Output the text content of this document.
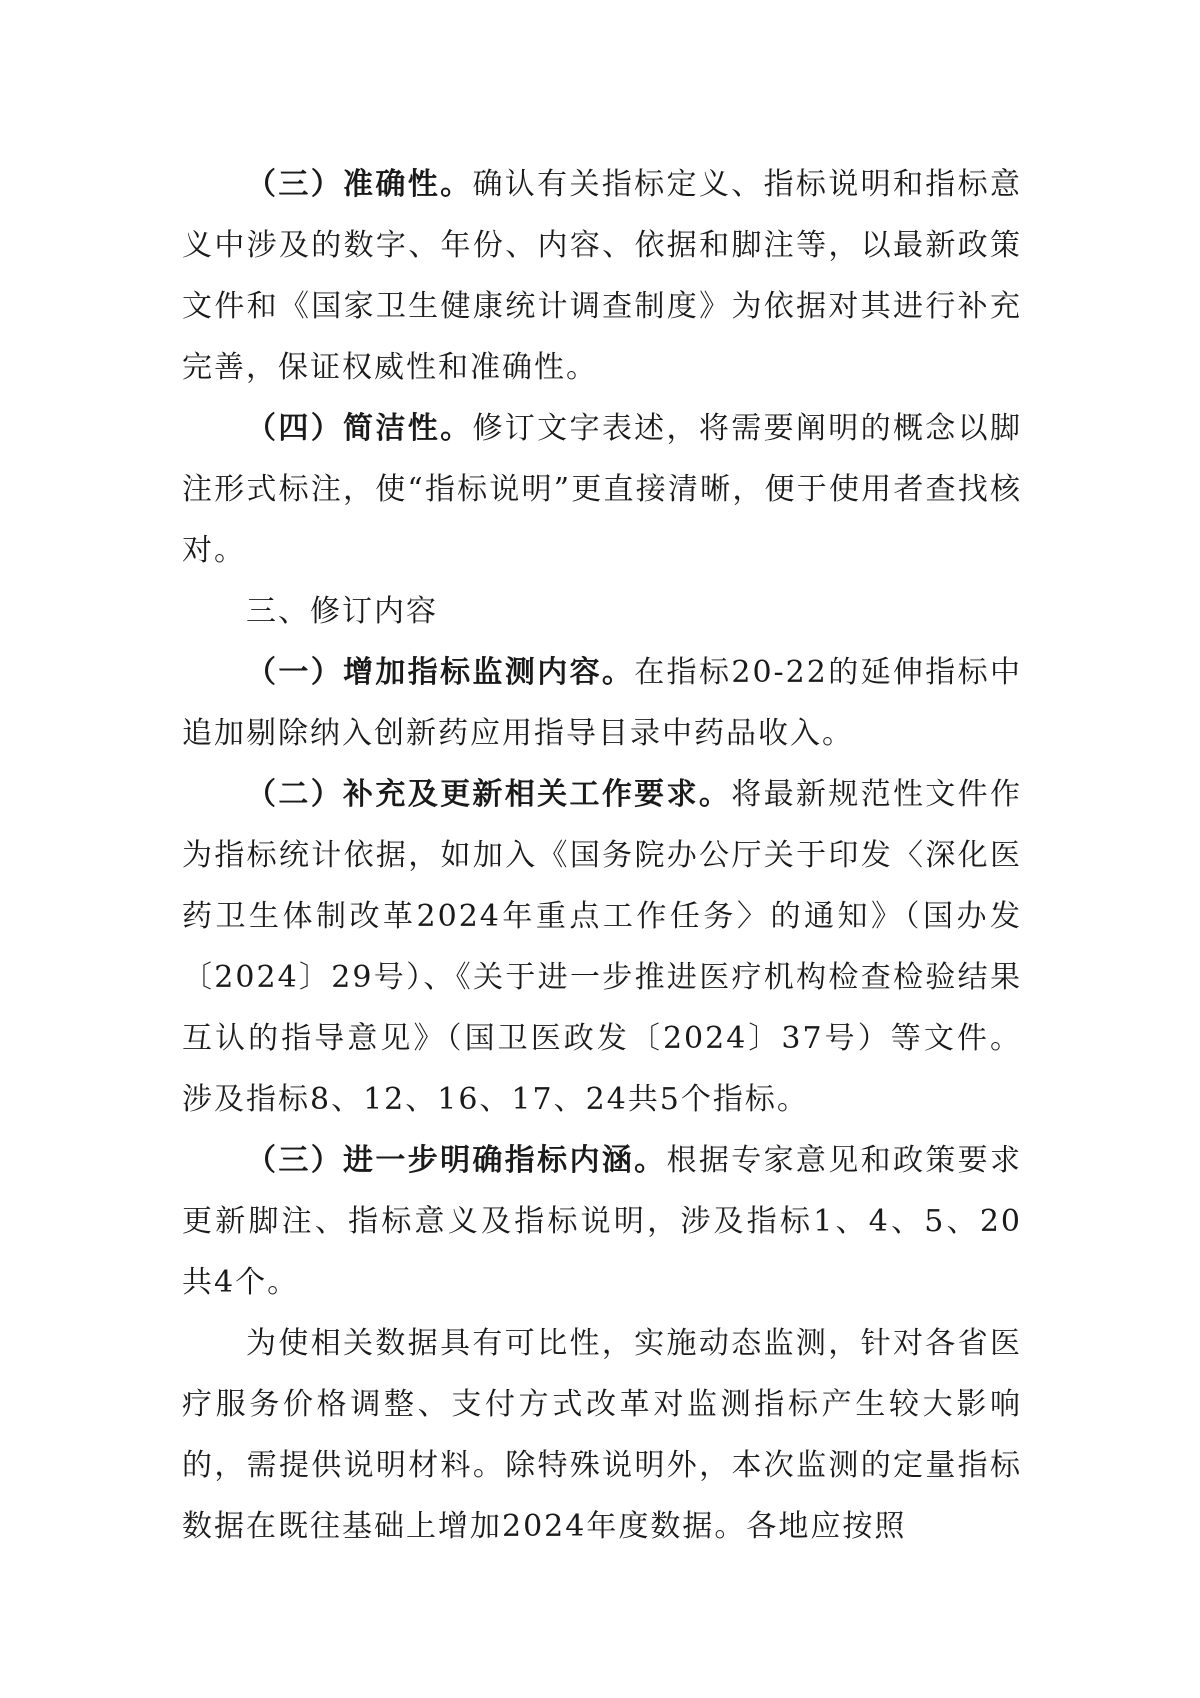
（三）准确性。确认有关指标定义、指标说明和指标意义中涉及的数字、年份、内容、依据和脚注等，以最新政策文件和《国家卫生健康统计调查制度》为依据对其进行补充完善，保证权威性和准确性。

（四）简洁性。修订文字表述，将需要阐明的概念以脚注形式标注，使“指标说明”更直接清晰，便于使用者查找核对。

三、修订内容

（一）增加指标监测内容。在指标20-22的延伸指标中追加剔除纳入创新药应用指导目录中药品收入。

（二）补充及更新相关工作要求。将最新规范性文件作为指标统计依据，如加入《国务院办公厅关于印发〈深化医药卫生体制改革2024年重点工作任务〉的通知》（国办发〔2024〕29号）、《关于进一步推进医疗机构检查检验结果互认的指导意见》（国卫医政发〔2024〕37号）等文件。涉及指标8、12、16、17、24共5个指标。

（三）进一步明确指标内涵。根据专家意见和政策要求更新脚注、指标意义及指标说明，涉及指标1、4、5、20共4个。

为使相关数据具有可比性，实施动态监测，针对各省医疗服务价格调整、支付方式改革对监测指标产生较大影响的，需提供说明材料。除特殊说明外，本次监测的定量指标数据在既往基础上增加2024年度数据。各地应按照
